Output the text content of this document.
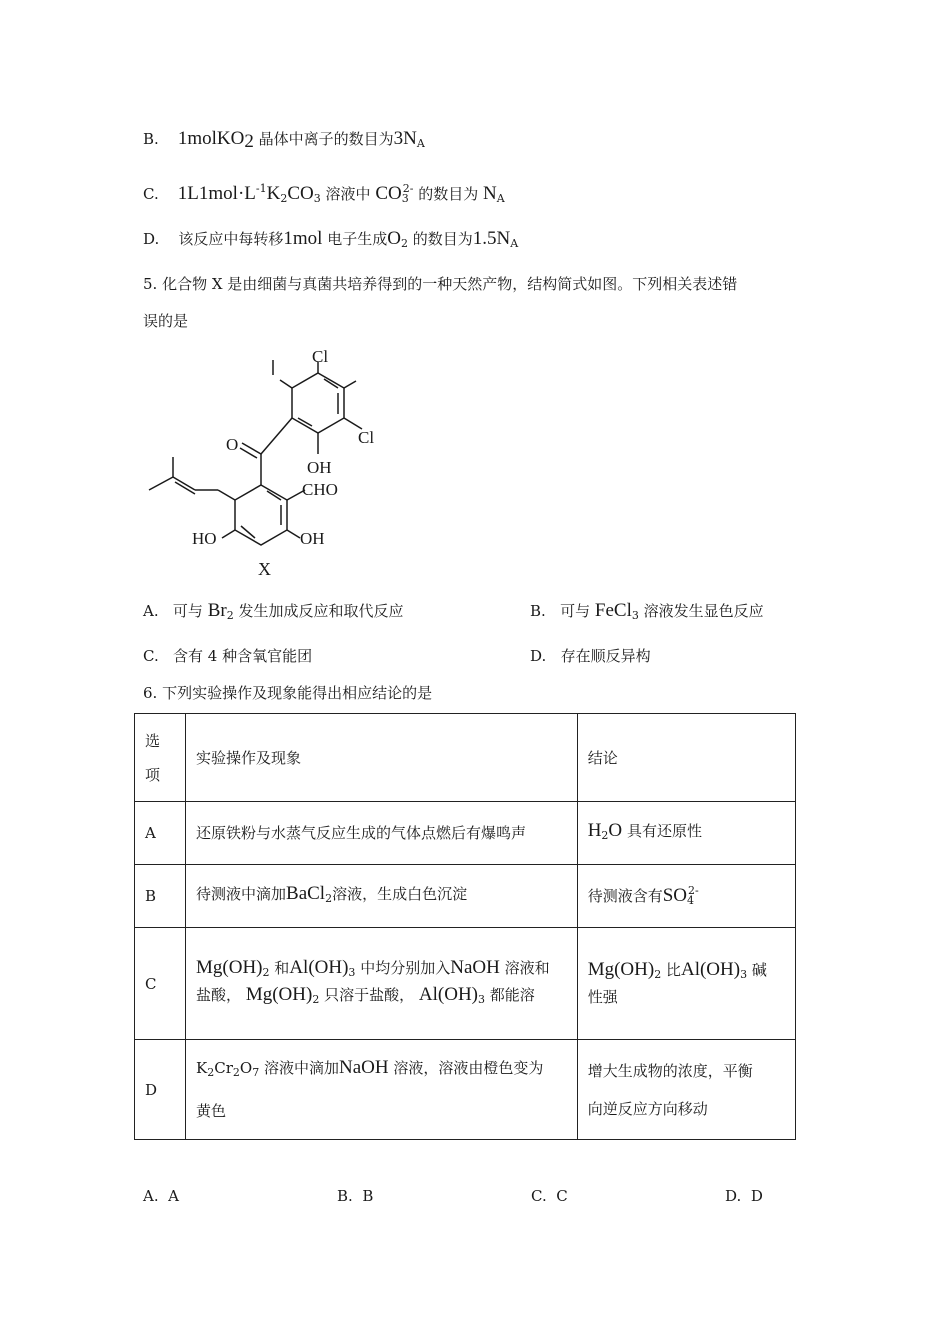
B. 1molKO$_2$ 晶体中离子的数目为$3N_A$
C. $1L1mol\cdot L^{-1}K_2CO_3$ 溶液中 $CO_3^{2-}$ 的数目为 $N_A$
D. 该反应中每转移1mol 电子生成$O_2$ 的数目为$1.5N_A$
5. 化合物 X 是由细菌与真菌共培养得到的一种天然产物，结构简式如图。下列相关表述错
误的是
Cl
Cl
OH
O
CHO
HO	OH
X
A. 可与 $Br_2$ 发生加成反应和取代反应	B. 可与 FeCl$_3$ 溶液发生显色反应
C. 含有 4 种含氧官能团	D. 存在顺反异构
6. 下列实验操作及现象能得出相应结论的是
选
项	实验操作及现象	结论
A	还原铁粉与水蒸气反应生成的气体点燃后有爆鸣声	$H_2O$ 具有还原性
B	待测液中滴加BaCl$_2$溶液，生成白色沉淀	待测液含有$SO_4^{2-}$
C	$Mg(OH)_2$ 和$Al(OH)_3$ 中均分别加入NaOH 溶液和
盐酸， $Mg(OH)_2$ 只溶于盐酸， $Al(OH)_3$ 都能溶	$Mg(OH)_2$ 比$Al(OH)_3$ 碱
性强
D	$K_2Cr_2O_7$ 溶液中滴加NaOH 溶液，溶液由橙色变为
黄色	增大生成物的浓度，平衡
向逆反应方向移动
A. A	B. B	C. C	D. D
